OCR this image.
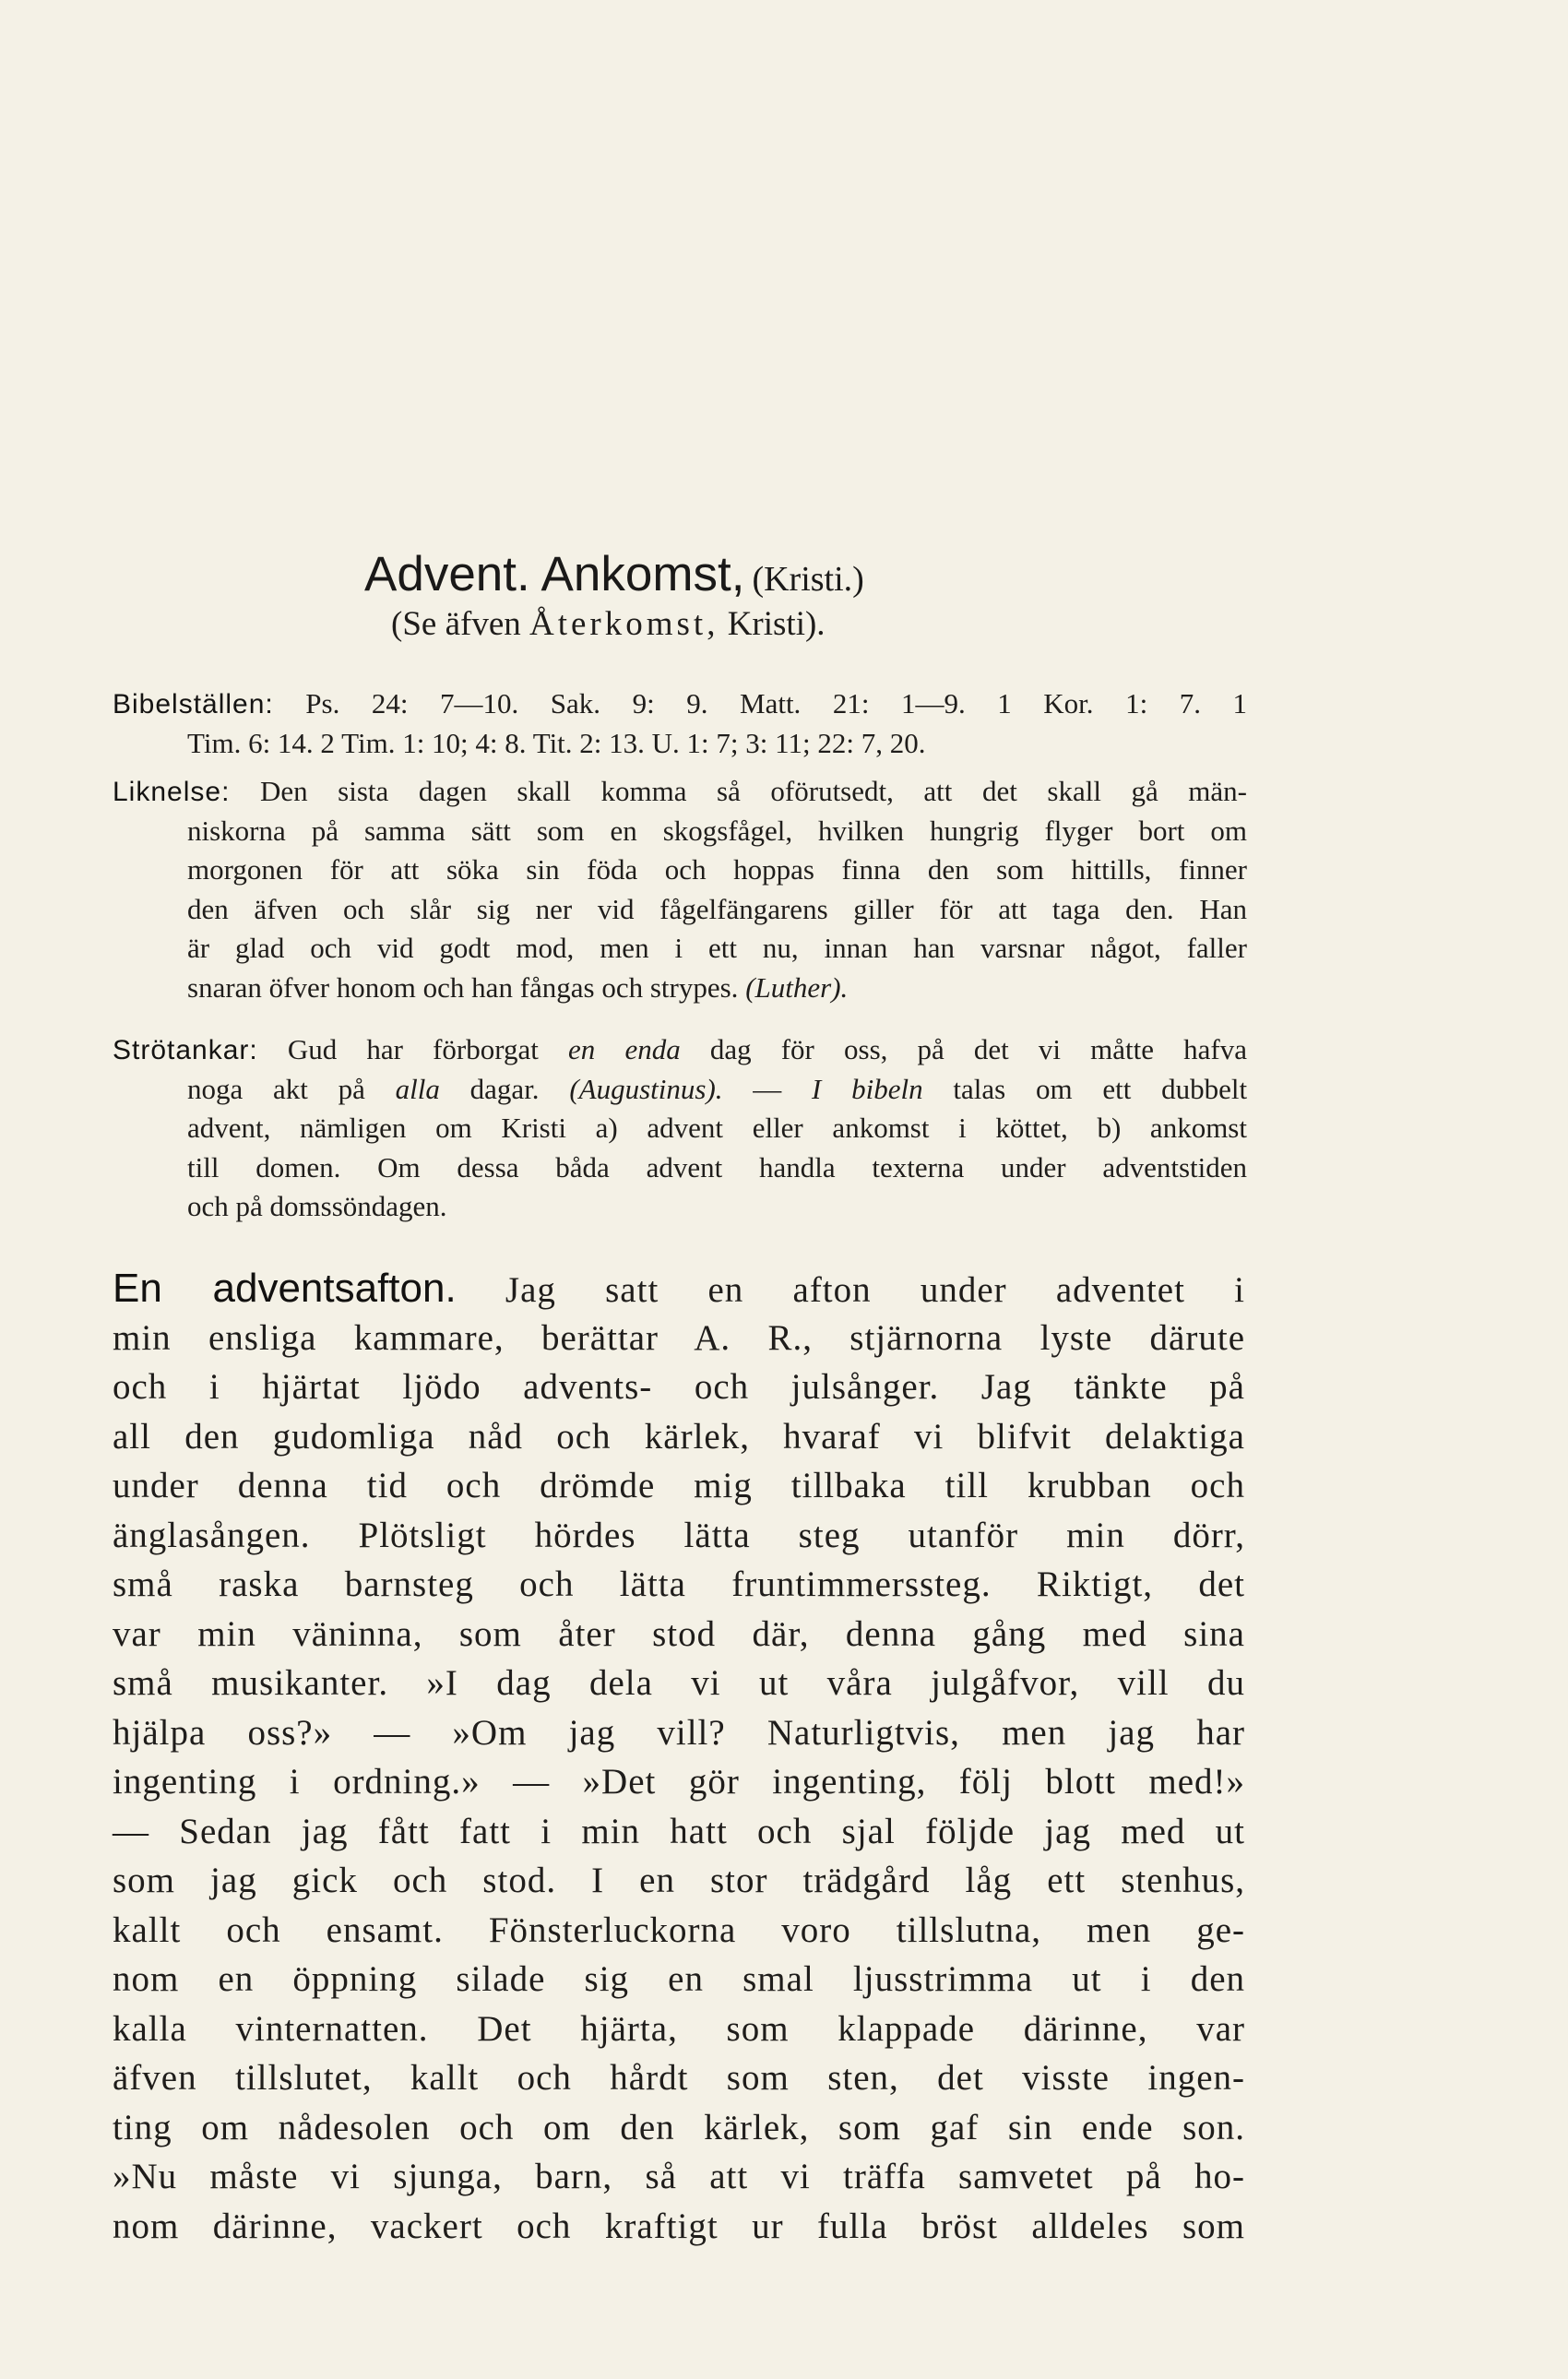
Advent. Ankomst, (Kristi.)
(Se äfven Återkomst, Kristi).
Bibelställen: Ps. 24: 7—10. Sak. 9: 9. Matt. 21: 1—9. 1 Kor. 1: 7. 1
Tim. 6: 14. 2 Tim. 1: 10; 4: 8. Tit. 2: 13. U. 1: 7; 3: 11; 22: 7, 20.
Liknelse: Den sista dagen skall komma så oförutsedt, att det skall gå män-
niskorna på samma sätt som en skogsfågel, hvilken hungrig flyger bort om
morgonen för att söka sin föda och hoppas finna den som hittills, finner
den äfven och slår sig ner vid fågelfängarens giller för att taga den. Han
är glad och vid godt mod, men i ett nu, innan han varsnar något, faller
snaran öfver honom och han fångas och strypes. (Luther).
Strötankar: Gud har förborgat en enda dag för oss, på det vi måtte hafva
noga akt på alla dagar. (Augustinus). — I bibeln talas om ett dubbelt
advent, nämligen om Kristi a) advent eller ankomst i köttet, b) ankomst
till domen. Om dessa båda advent handla texterna under adventstiden
och på domssöndagen.
En adventsafton. Jag satt en afton under adventet i
min ensliga kammare, berättar A. R., stjärnorna lyste därute
och i hjärtat ljödo advents- och julsånger. Jag tänkte på
all den gudomliga nåd och kärlek, hvaraf vi blifvit delaktiga
under denna tid och drömde mig tillbaka till krubban och
änglasången. Plötsligt hördes lätta steg utanför min dörr,
små raska barnsteg och lätta fruntimmerssteg. Riktigt, det
var min väninna, som åter stod där, denna gång med sina
små musikanter. »I dag dela vi ut våra julgåfvor, vill du
hjälpa oss?» — »Om jag vill? Naturligtvis, men jag har
ingenting i ordning.» — »Det gör ingenting, följ blott med!»
— Sedan jag fått fatt i min hatt och sjal följde jag med ut
som jag gick och stod. I en stor trädgård låg ett stenhus,
kallt och ensamt. Fönsterluckorna voro tillslutna, men ge-
nom en öppning silade sig en smal ljusstrimma ut i den
kalla vinternatten. Det hjärta, som klappade därinne, var
äfven tillslutet, kallt och hårdt som sten, det visste ingen-
ting om nådesolen och om den kärlek, som gaf sin ende son.
»Nu måste vi sjunga, barn, så att vi träffa samvetet på ho-
nom därinne, vackert och kraftigt ur fulla bröst alldeles som
